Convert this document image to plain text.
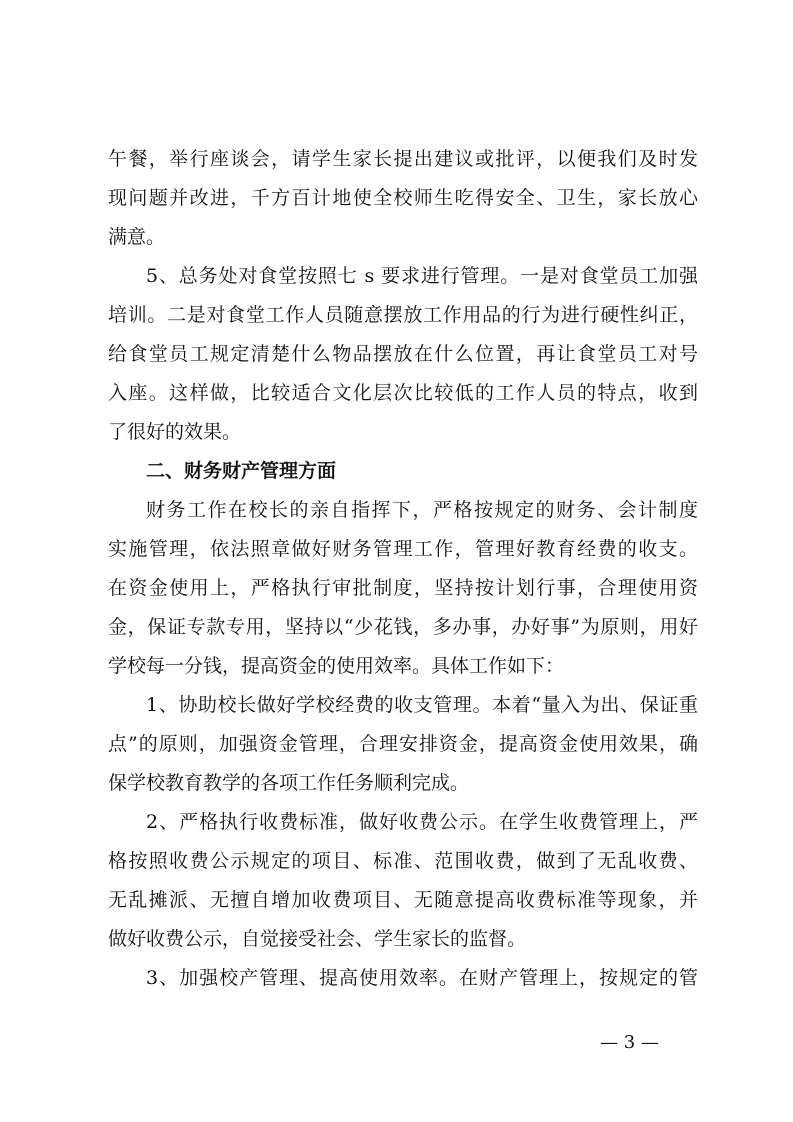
午餐，举行座谈会，请学生家长提出建议或批评，以便我们及时发
现问题并改进，千方百计地使全校师生吃得安全、卫生，家长放心
满意。
5、总务处对食堂按照七 s 要求进行管理。一是对食堂员工加强
培训。二是对食堂工作人员随意摆放工作用品的行为进行硬性纠正，
给食堂员工规定清楚什么物品摆放在什么位置，再让食堂员工对号
入座。这样做，比较适合文化层次比较低的工作人员的特点，收到
了很好的效果。
二、财务财产管理方面
财务工作在校长的亲自指挥下，严格按规定的财务、会计制度
实施管理，依法照章做好财务管理工作，管理好教育经费的收支。
在资金使用上，严格执行审批制度，坚持按计划行事，合理使用资
金，保证专款专用，坚持以“少花钱，多办事，办好事”为原则，用好
学校每一分钱，提高资金的使用效率。具体工作如下：
1、协助校长做好学校经费的收支管理。本着“量入为出、保证重
点”的原则，加强资金管理，合理安排资金，提高资金使用效果，确
保学校教育教学的各项工作任务顺利完成。
2、严格执行收费标准，做好收费公示。在学生收费管理上，严
格按照收费公示规定的项目、标准、范围收费，做到了无乱收费、
无乱摊派、无擅自增加收费项目、无随意提高收费标准等现象，并
做好收费公示，自觉接受社会、学生家长的监督。
3、加强校产管理、提高使用效率。在财产管理上，按规定的管
— 3 —
